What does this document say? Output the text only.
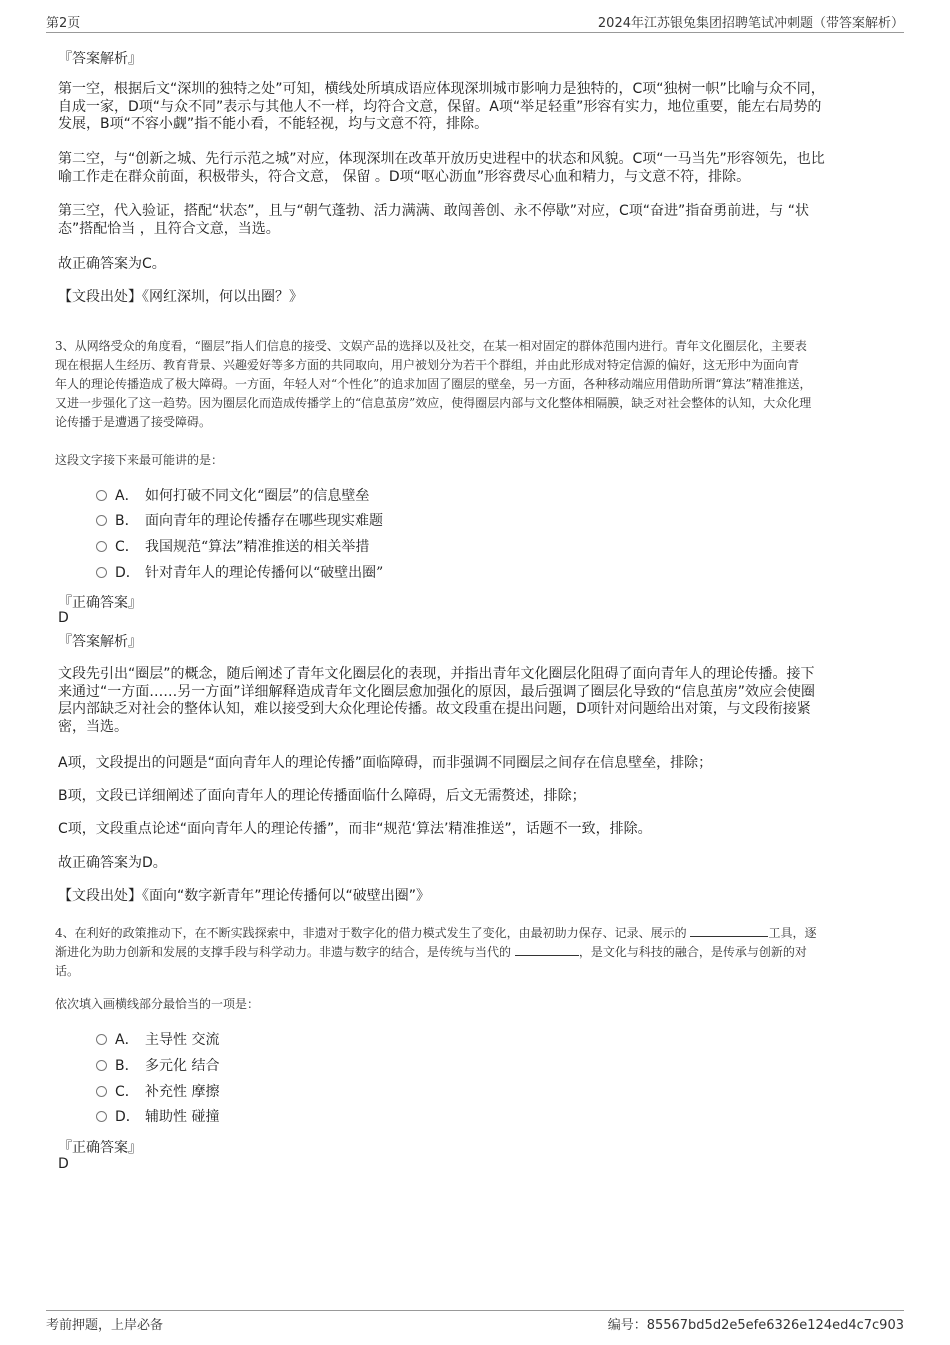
第2页	2024年江苏银兔集团招聘笔试冲刺题（带答案解析）
『答案解析』
第一空，根据后文“深圳的独特之处”可知，横线处所填成语应体现深圳城市影响力是独特的，C项“独树一帜”比喻与众不同，
自成一家，D项“与众不同”表示与其他人不一样，均符合文意，保留。A项“举足轻重”形容有实力，地位重要，能左右局势的
发展，B项“不容小觑”指不能小看，不能轻视，均与文意不符，排除。
第二空，与“创新之城、先行示范之城”对应，体现深圳在改革开放历史进程中的状态和风貌。C项“一马当先”形容领先，也比
喻工作走在群众前面，积极带头，符合文意， 保留 。D项“呕心沥血”形容费尽心血和精力，与文意不符，排除。
第三空，代入验证，搭配“状态”，且与“朝气蓬勃、活力满满、敢闯善创、永不停歇”对应，C项“奋进”指奋勇前进，与 “状
态”搭配恰当 ，且符合文意，当选。
故正确答案为C。
【文段出处】《网红深圳，何以出圈？》
3、从网络受众的角度看，“圈层”指人们信息的接受、文娱产品的选择以及社交，在某一相对固定的群体范围内进行。青年文化圈层化，主要表
现在根据人生经历、教育背景、兴趣爱好等多方面的共同取向，用户被划分为若干个群组，并由此形成对特定信源的偏好，这无形中为面向青
年人的理论传播造成了极大障碍。一方面，年轻人对“个性化”的追求加固了圈层的壁垒，另一方面，各种移动端应用借助所谓“算法”精准推送，
又进一步强化了这一趋势。因为圈层化而造成传播学上的“信息茧房”效应，使得圈层内部与文化整体相隔膜，缺乏对社会整体的认知，大众化理
论传播于是遭遇了接受障碍。
这段文字接下来最可能讲的是：
A． 如何打破不同文化“圈层”的信息壁垒
B． 面向青年的理论传播存在哪些现实难题
C． 我国规范“算法”精准推送的相关举措
D． 针对青年人的理论传播何以“破壁出圈”
『正确答案』
D
『答案解析』
文段先引出“圈层”的概念，随后阐述了青年文化圈层化的表现，并指出青年文化圈层化阻碍了面向青年人的理论传播。接下
来通过“一方面……另一方面”详细解释造成青年文化圈层愈加强化的原因，最后强调了圈层化导致的“信息茧房”效应会使圈
层内部缺乏对社会的整体认知，难以接受到大众化理论传播。故文段重在提出问题，D项针对问题给出对策，与文段衔接紧
密，当选。
A项，文段提出的问题是“面向青年人的理论传播”面临障碍，而非强调不同圈层之间存在信息壁垒，排除；
B项，文段已详细阐述了面向青年人的理论传播面临什么障碍，后文无需赘述，排除；
C项，文段重点论述“面向青年人的理论传播”，而非“规范‘算法’精准推送”，话题不一致，排除。
故正确答案为D。
【文段出处】《面向“数字新青年”理论传播何以“破壁出圈”》
4、在利好的政策推动下，在不断实践探索中，非遗对于数字化的借力模式发生了变化，由最初助力保存、记录、展示的	工具，逐
渐进化为助力创新和发展的支撑手段与科学动力。非遗与数字的结合，是传统与当代的	，是文化与科技的融合，是传承与创新的对
话。
依次填入画横线部分最恰当的一项是：
A． 主导性 交流
B． 多元化 结合
C． 补充性 摩擦
D． 辅助性 碰撞
『正确答案』
D
考前押题，上岸必备	编号：85567bd5d2e5efe6326e124ed4c7c903
